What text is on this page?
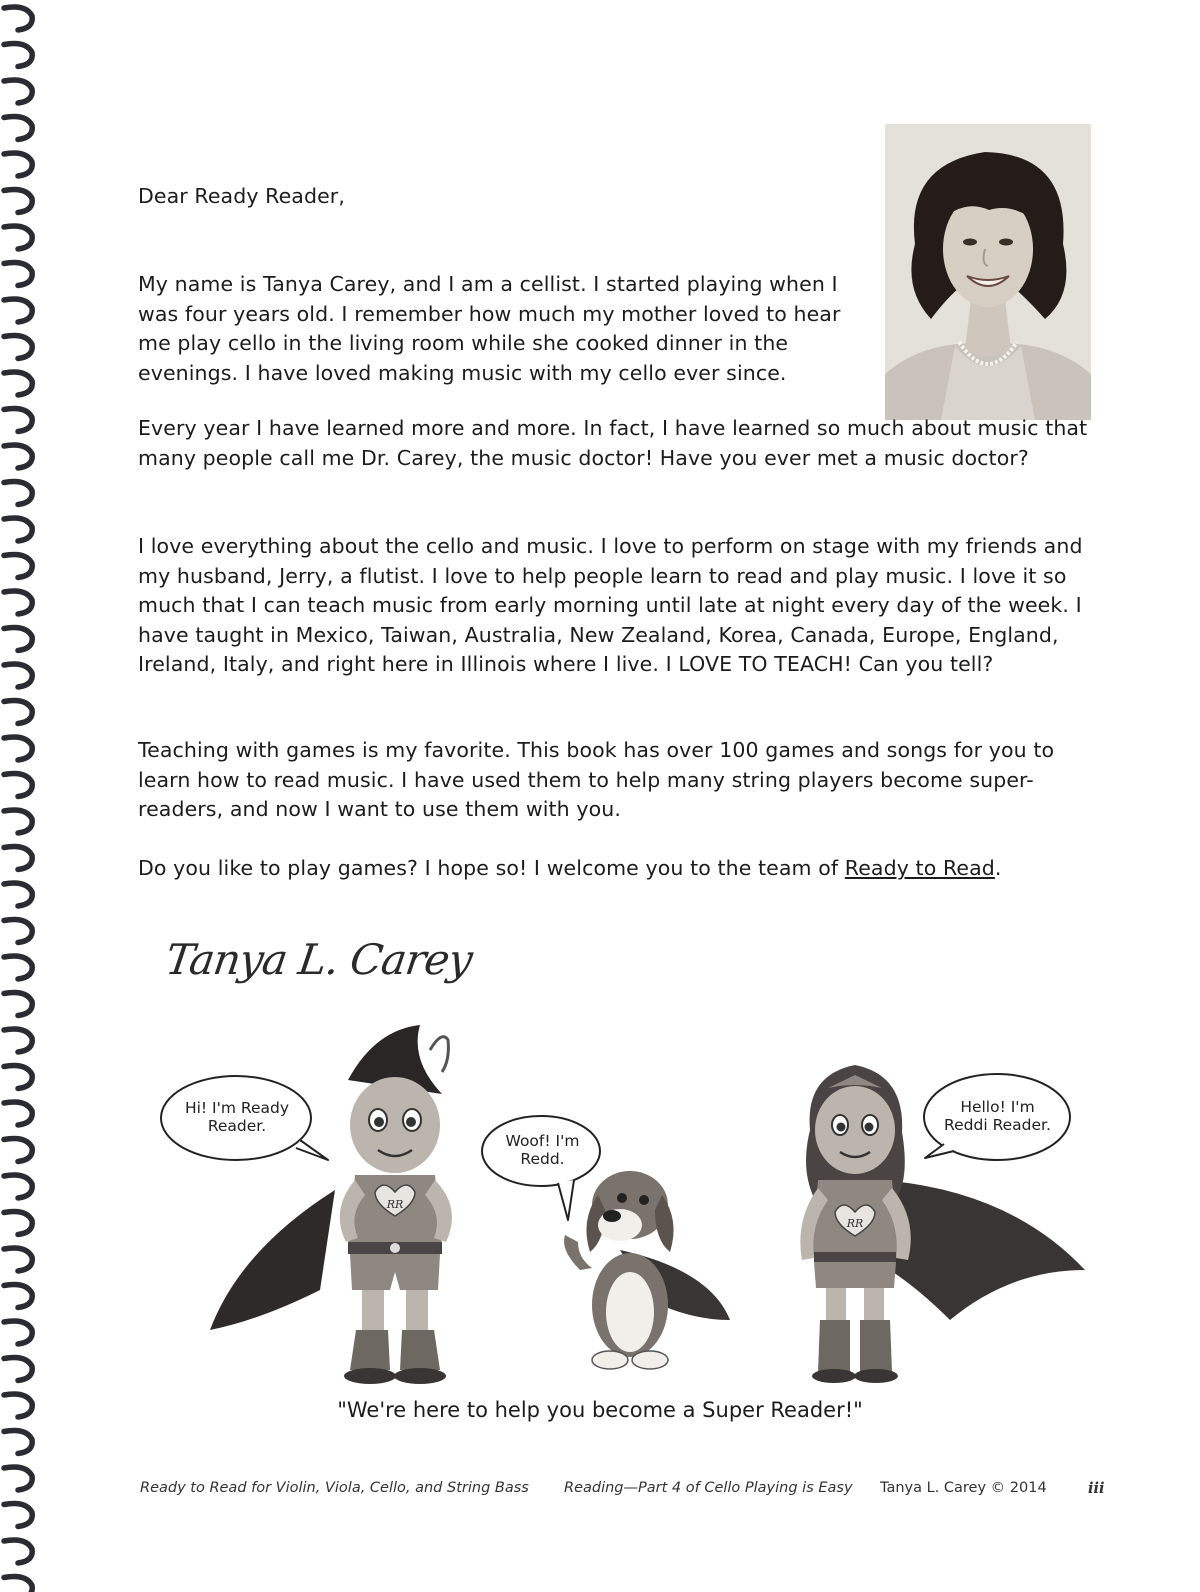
Dear Ready Reader,

My name is Tanya Carey, and I am a cellist. I started playing when I was four years old. I remember how much my mother loved to hear me play cello in the living room while she cooked dinner in the evenings. I have loved making music with my cello ever since.

Every year I have learned more and more. In fact, I have learned so much about music that many people call me Dr. Carey, the music doctor! Have you ever met a music doctor?

I love everything about the cello and music. I love to perform on stage with my friends and my husband, Jerry, a flutist. I love to help people learn to read and play music. I love it so much that I can teach music from early morning until late at night every day of the week. I have taught in Mexico, Taiwan, Australia, New Zealand, Korea, Canada, Europe, England, Ireland, Italy, and right here in Illinois where I live. I LOVE TO TEACH! Can you tell?

Teaching with games is my favorite. This book has over 100 games and songs for you to learn how to read music. I have used them to help many string players become super-readers, and now I want to use them with you.

Do you like to play games? I hope so! I welcome you to the team of Ready to Read.

Tanya L. Carey
RR
RR
Hi! I'm Ready Reader.
Woof! I'm Redd.
Hello! I'm Reddi Reader.
"We're here to help you become a Super Reader!"
Ready to Read for Violin, Viola, Cello, and String Bass Reading—Part 4 of Cello Playing is Easy Tanya L. Carey © 2014	iii
